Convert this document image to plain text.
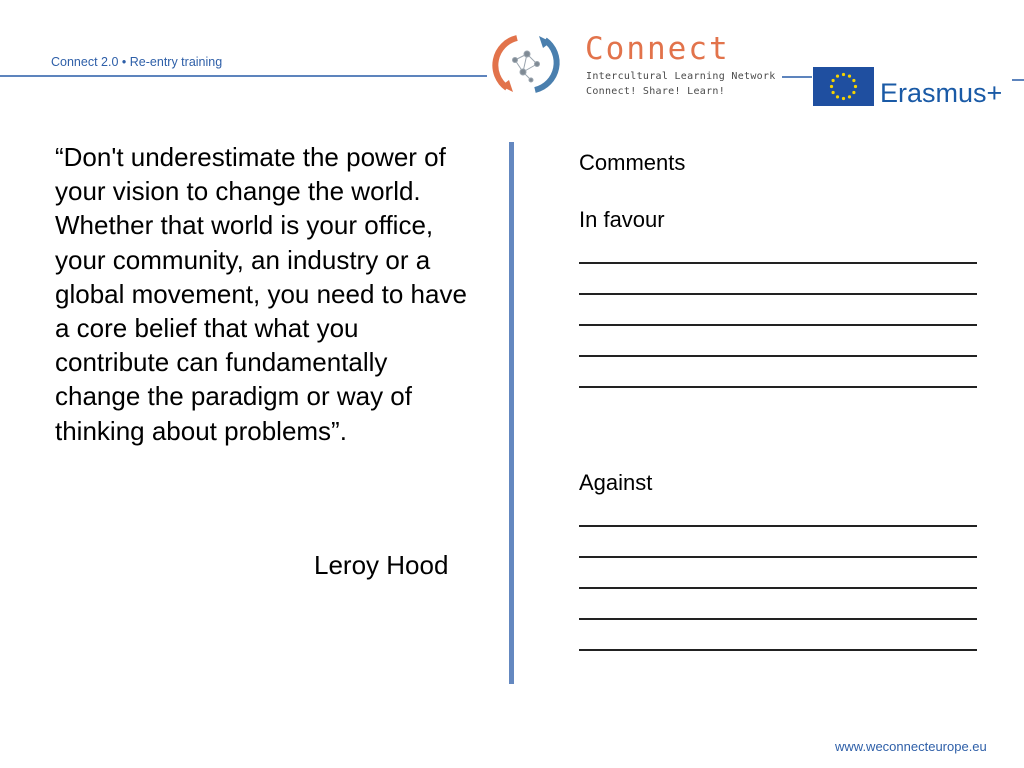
Connect 2.0 • Re-entry training	Connect
Intercultural Learning Network
Connect! Share! Learn!	Erasmus+
“Don't underestimate the power of your vision to change the world. Whether that world is your office, your community, an industry or a global movement, you need to have a core belief that what you contribute can fundamentally change the paradigm or way of thinking about problems”.
Leroy Hood
Comments
In favour
Against
www.weconnecteurope.eu
